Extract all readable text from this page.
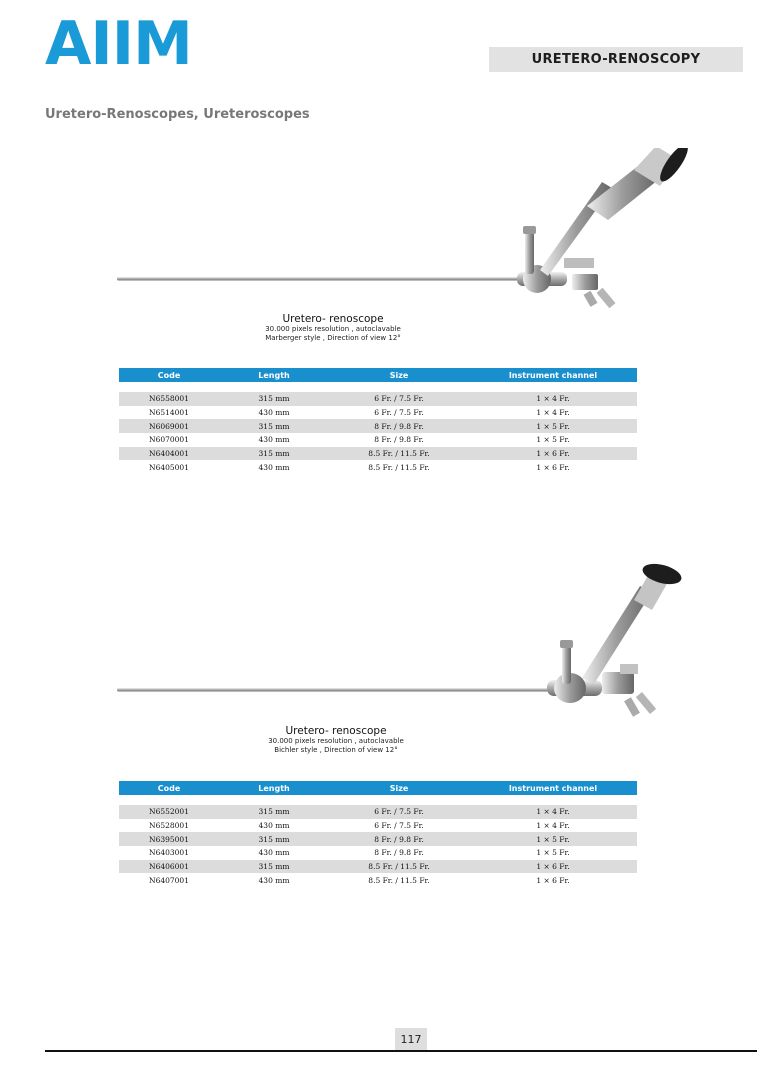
AIIM	URETERO-RENOSCOPY
Uretero-Renoscopes, Ureteroscopes
Uretero- renoscope
30.000 pixels resolution , autoclavable
Marberger style , Direction of view 12°
Code	Length	Size	Instrument channel
N6558001	315 mm	6 Fr. / 7.5 Fr.	1 × 4 Fr.
N6514001	430 mm	6 Fr. / 7.5 Fr.	1 × 4 Fr.
N6069001	315 mm	8 Fr. / 9.8 Fr.	1 × 5 Fr.
N6070001	430 mm	8 Fr. / 9.8 Fr.	1 × 5 Fr.
N6404001	315 mm	8.5 Fr. / 11.5 Fr.	1 × 6 Fr.
N6405001	430 mm	8.5 Fr. / 11.5 Fr.	1 × 6 Fr.
Uretero- renoscope
30.000 pixels resolution , autoclavable
Bichler style , Direction of view 12°
Code	Length	Size	Instrument channel
N6552001	315 mm	6 Fr. / 7.5 Fr.	1 × 4 Fr.
N6528001	430 mm	6 Fr. / 7.5 Fr.	1 × 4 Fr.
N6395001	315 mm	8 Fr. / 9.8 Fr.	1 × 5 Fr.
N6403001	430 mm	8 Fr. / 9.8 Fr.	1 × 5 Fr.
N6406001	315 mm	8.5 Fr. / 11.5 Fr.	1 × 6 Fr.
N6407001	430 mm	8.5 Fr. / 11.5 Fr.	1 × 6 Fr.
117
